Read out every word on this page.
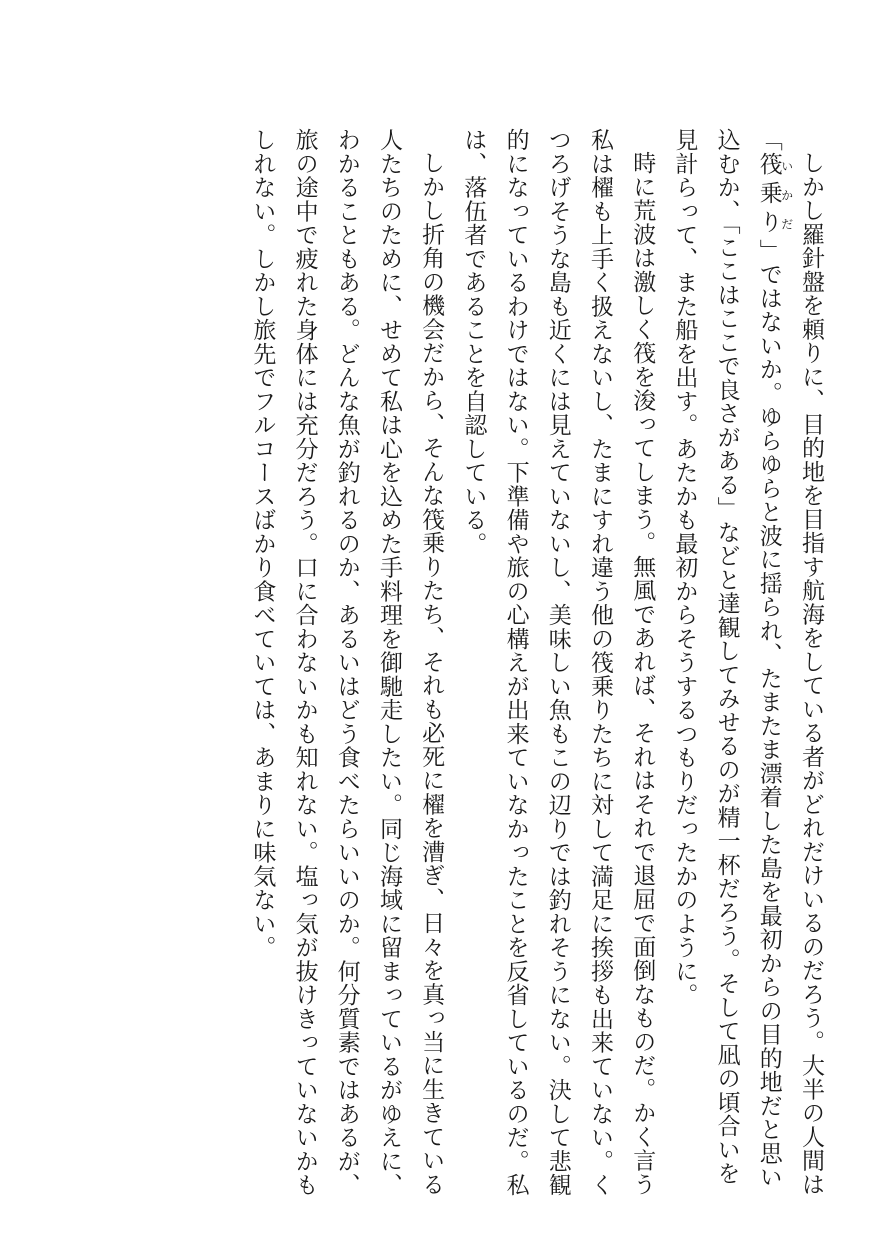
しかし羅針盤を頼りに、目的地を目指す航海をしている者がどれだけいるのだろう。大半の人間は「筏乗りいかだ」ではないか。ゆらゆらと波に揺られ、たまたま漂着した島を最初からの目的地だと思い込むか、「ここはここで良さがある」などと達観してみせるのが精一杯だろう。そして凪の頃合いを見計らって、また船を出す。あたかも最初からそうするつもりだったかのように。

時に荒波は激しく筏を浚ってしまう。無風であれば、それはそれで退屈で面倒なものだ。かく言う私は櫂も上手く扱えないし、たまにすれ違う他の筏乗りたちに対して満足に挨拶も出来ていない。くつろげそうな島も近くには見えていないし、美味しい魚もこの辺りでは釣れそうにない。決して悲観的になっているわけではない。下準備や旅の心構えが出来ていなかったことを反省しているのだ。私は、落伍者であることを自認している。

しかし折角の機会だから、そんな筏乗りたち、それも必死に櫂を漕ぎ、日々を真っ当に生きている人たちのために、せめて私は心を込めた手料理を御馳走したい。同じ海域に留まっているがゆえに、わかることもある。どんな魚が釣れるのか、あるいはどう食べたらいいのか。何分質素ではあるが、旅の途中で疲れた身体には充分だろう。口に合わないかも知れない。塩っ気が抜けきっていないかもしれない。しかし旅先でフルコースばかり食べていては、あまりに味気ない。
